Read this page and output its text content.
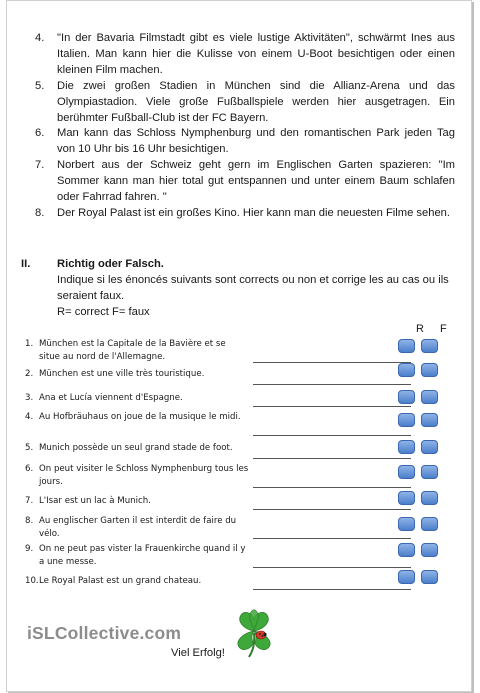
4. "In der Bavaria Filmstadt gibt es viele lustige Aktivitäten", schwärmt Ines aus Italien. Man kann hier die Kulisse von einem U-Boot besichtigen oder einen kleinen Film machen.

5. Die zwei großen Stadien in München sind die Allianz-Arena und das Olympiastadion. Viele große Fußballspiele werden hier ausgetragen. Ein berühmter Fußball-Club ist der FC Bayern.

6. Man kann das Schloss Nymphenburg und den romantischen Park jeden Tag von 10 Uhr bis 16 Uhr besichtigen.

7. Norbert aus der Schweiz geht gern im Englischen Garten spazieren: "Im Sommer kann man hier total gut entspannen und unter einem Baum schlafen oder Fahrrad fahren. "

8. Der Royal Palast ist ein großes Kino. Hier kann man die neuesten Filme sehen.

II. Richtig oder Falsch.
Indique si les énoncés suivants sont corrects ou non et corrige les au cas ou ils seraient faux.
R= correct F= faux
R F
1. München est la Capitale de la Bavière et se situe au nord de l'Allemagne.
2. München est une ville très touristique.
3. Ana et Lucía viennent d'Espagne.
4. Au Hofbräuhaus on joue de la musique le midi.
5. Munich possède un seul grand stade de foot.
6. On peut visiter le Schloss Nymphenburg tous les jours.
7. L'Isar est un lac à Munich.
8. Au englischer Garten il est interdit de faire du vélo.
9. On ne peut pas vister la Frauenkirche quand il y a une messe.
10. Le Royal Palast est un grand chateau.
iSLCollective.com
Viel Erfolg!
